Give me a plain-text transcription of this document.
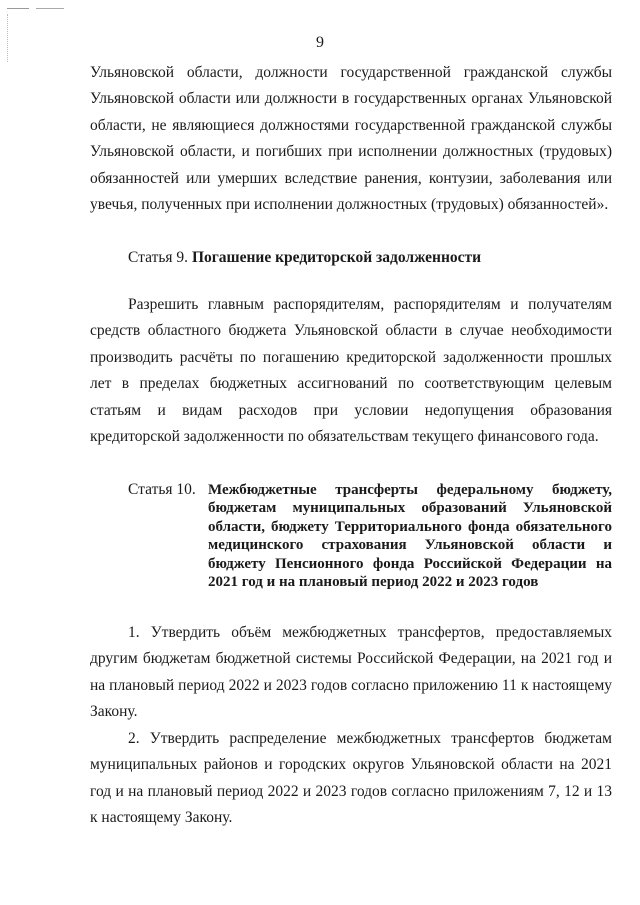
9

Ульяновской области, должности государственной гражданской службы Ульяновской области или должности в государственных органах Ульяновской области, не являющиеся должностями государственной гражданской службы Ульяновской области, и погибших при исполнении должностных (трудовых) обязанностей или умерших вследствие ранения, контузии, заболевания или увечья, полученных при исполнении должностных (трудовых) обязанностей».

Статья 9. Погашение кредиторской задолженности

Разрешить главным распорядителям, распорядителям и получателям средств областного бюджета Ульяновской области в случае необходимости производить расчёты по погашению кредиторской задолженности прошлых лет в пределах бюджетных ассигнований по соответствующим целевым статьям и видам расходов при условии недопущения образования кредиторской задолженности по обязательствам текущего финансового года.

Статья 10. Межбюджетные трансферты федеральному бюджету, бюджетам муниципальных образований Ульяновской области, бюджету Территориального фонда обязательного медицинского страхования Ульяновской области и бюджету Пенсионного фонда Российской Федерации на 2021 год и на плановый период 2022 и 2023 годов

1. Утвердить объём межбюджетных трансфертов, предоставляемых другим бюджетам бюджетной системы Российской Федерации, на 2021 год и на плановый период 2022 и 2023 годов согласно приложению 11 к настоящему Закону.

2. Утвердить распределение межбюджетных трансфертов бюджетам муниципальных районов и городских округов Ульяновской области на 2021 год и на плановый период 2022 и 2023 годов согласно приложениям 7, 12 и 13 к настоящему Закону.
